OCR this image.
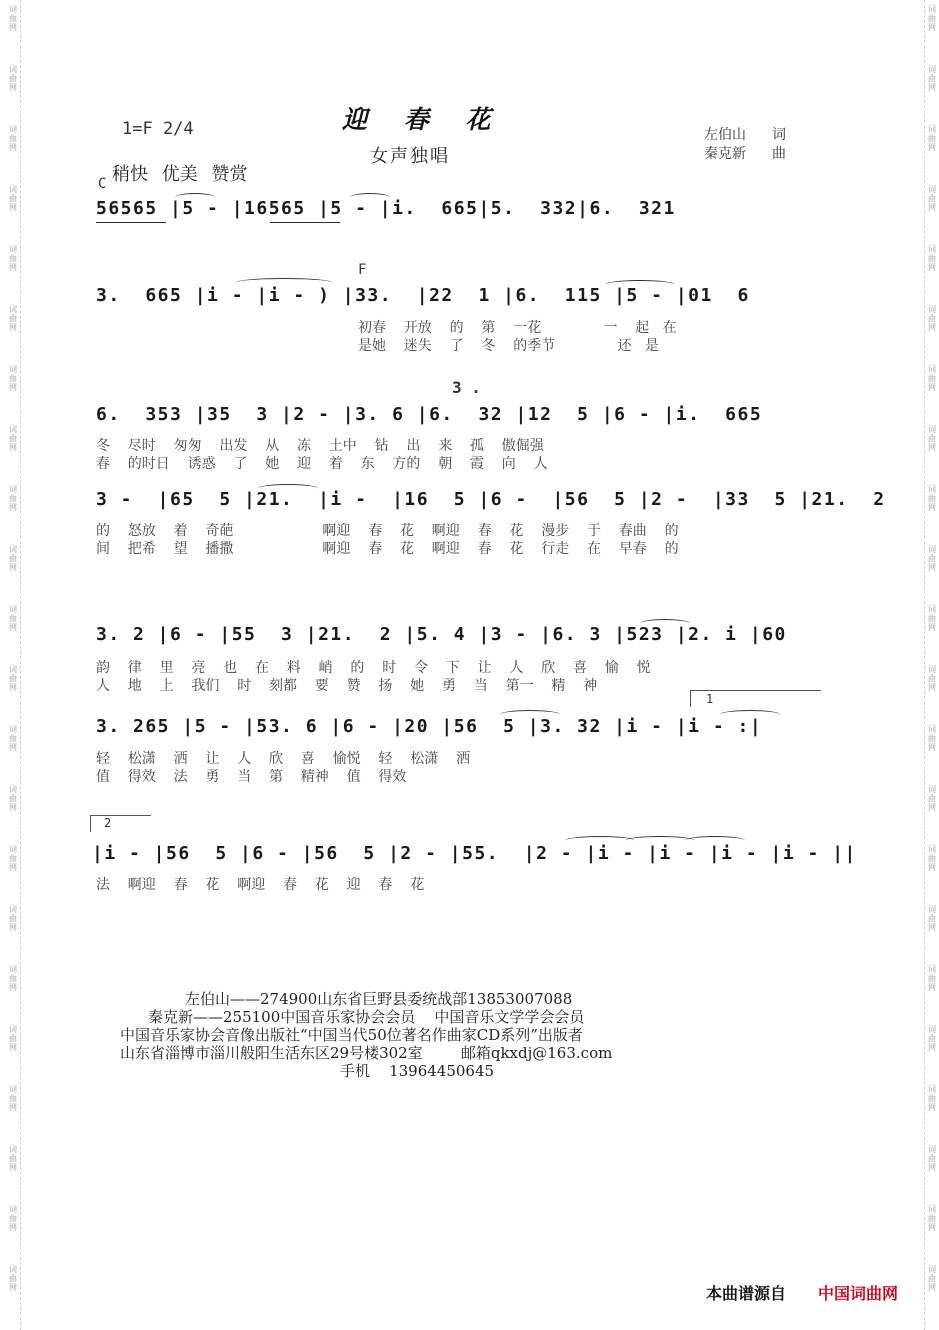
词
曲
网
词
曲
网
词
曲
网
词
曲
网
词
曲
网
词
曲
网
词
曲
网
词
曲
网
词
曲
网
词
曲
网
词
曲
网
词
曲
网
词
曲
网
词
曲
网
词
曲
网
词
曲
网
词
曲
网
词
曲
网
词
曲
网
词
曲
网
词
曲
网
词
曲
网
词
曲
网
词
曲
网
词
曲
网
词
曲
网
词
曲
网
词
曲
网
词
曲
网
词
曲
网
词
曲
网
词
曲
网
词
曲
网
词
曲
网
词
曲
网
词
曲
网
词
曲
网
词
曲
网
词
曲
网
词
曲
网
词
曲
网
词
曲
网
词
曲
网
词
曲
网
1=F 2/4	迎 春 花
女声独唱
左伯山 词
秦克新 曲
稍快 优美 赞赏
C
F
3 .
56565 |5 - |16565 |5 - |i.  665|5.  332|6.  321
3.  665 |i - |i - ) |33.  |22  1 |6.  115 |5 - |01  6
初春    开放    的    第    一花              一    起   在
是她    迷失    了    冬    的季节              还   是
6.  353 |35  3 |2 - |3. 6 |6.  32 |12  5 |6 - |i.  665
冬    尽时    匆匆    出发    从    冻    土中    钻    出    来    孤    傲倔强
春    的时日    诱惑    了    她    迎    着    东    方的    朝    霞    向    人
3 -  |65  5 |21.  |i -  |16  5 |6 -  |56  5 |2 -  |33  5 |21.  2
的    怒放    着    奇葩                    啊迎    春    花    啊迎    春    花    漫步    于    春曲    的
间    把希    望    播撒                    啊迎    春    花    啊迎    春    花    行走    在    早春    的
3. 2 |6 - |55  3 |21.  2 |5. 4 |3 - |6. 3 |523 |2. i |60
韵    律    里    亮    也    在    料    峭    的    时    令    下    让    人    欣    喜    愉    悦
人    地    上    我们    时    刻都    要    赞    扬    她    勇    当    第一    精    神
1
3. 265 |5 - |53. 6 |6 - |20 |56  5 |3. 32 |i - |i - :|
轻    松潇    洒    让    人    欣    喜    愉悦    轻    松潇    洒
值    得效    法    勇    当    第    精神    值    得效
2
|i - |56  5 |6 - |56  5 |2 - |55.  |2 - |i - |i - |i - |i - ||
法    啊迎    春    花    啊迎    春    花    迎    春    花
左伯山——274900山东省巨野县委统战部13853007088
秦克新——255100中国音乐家协会会员    中国音乐文学学会会员
中国音乐家协会音像出版社“中国当代50位著名作曲家CD系列”出版者
山东省淄博市淄川般阳生活东区29号楼302室        邮箱qkxdj@163.com
手机    13964450645
本曲谱源自 中国词曲网
